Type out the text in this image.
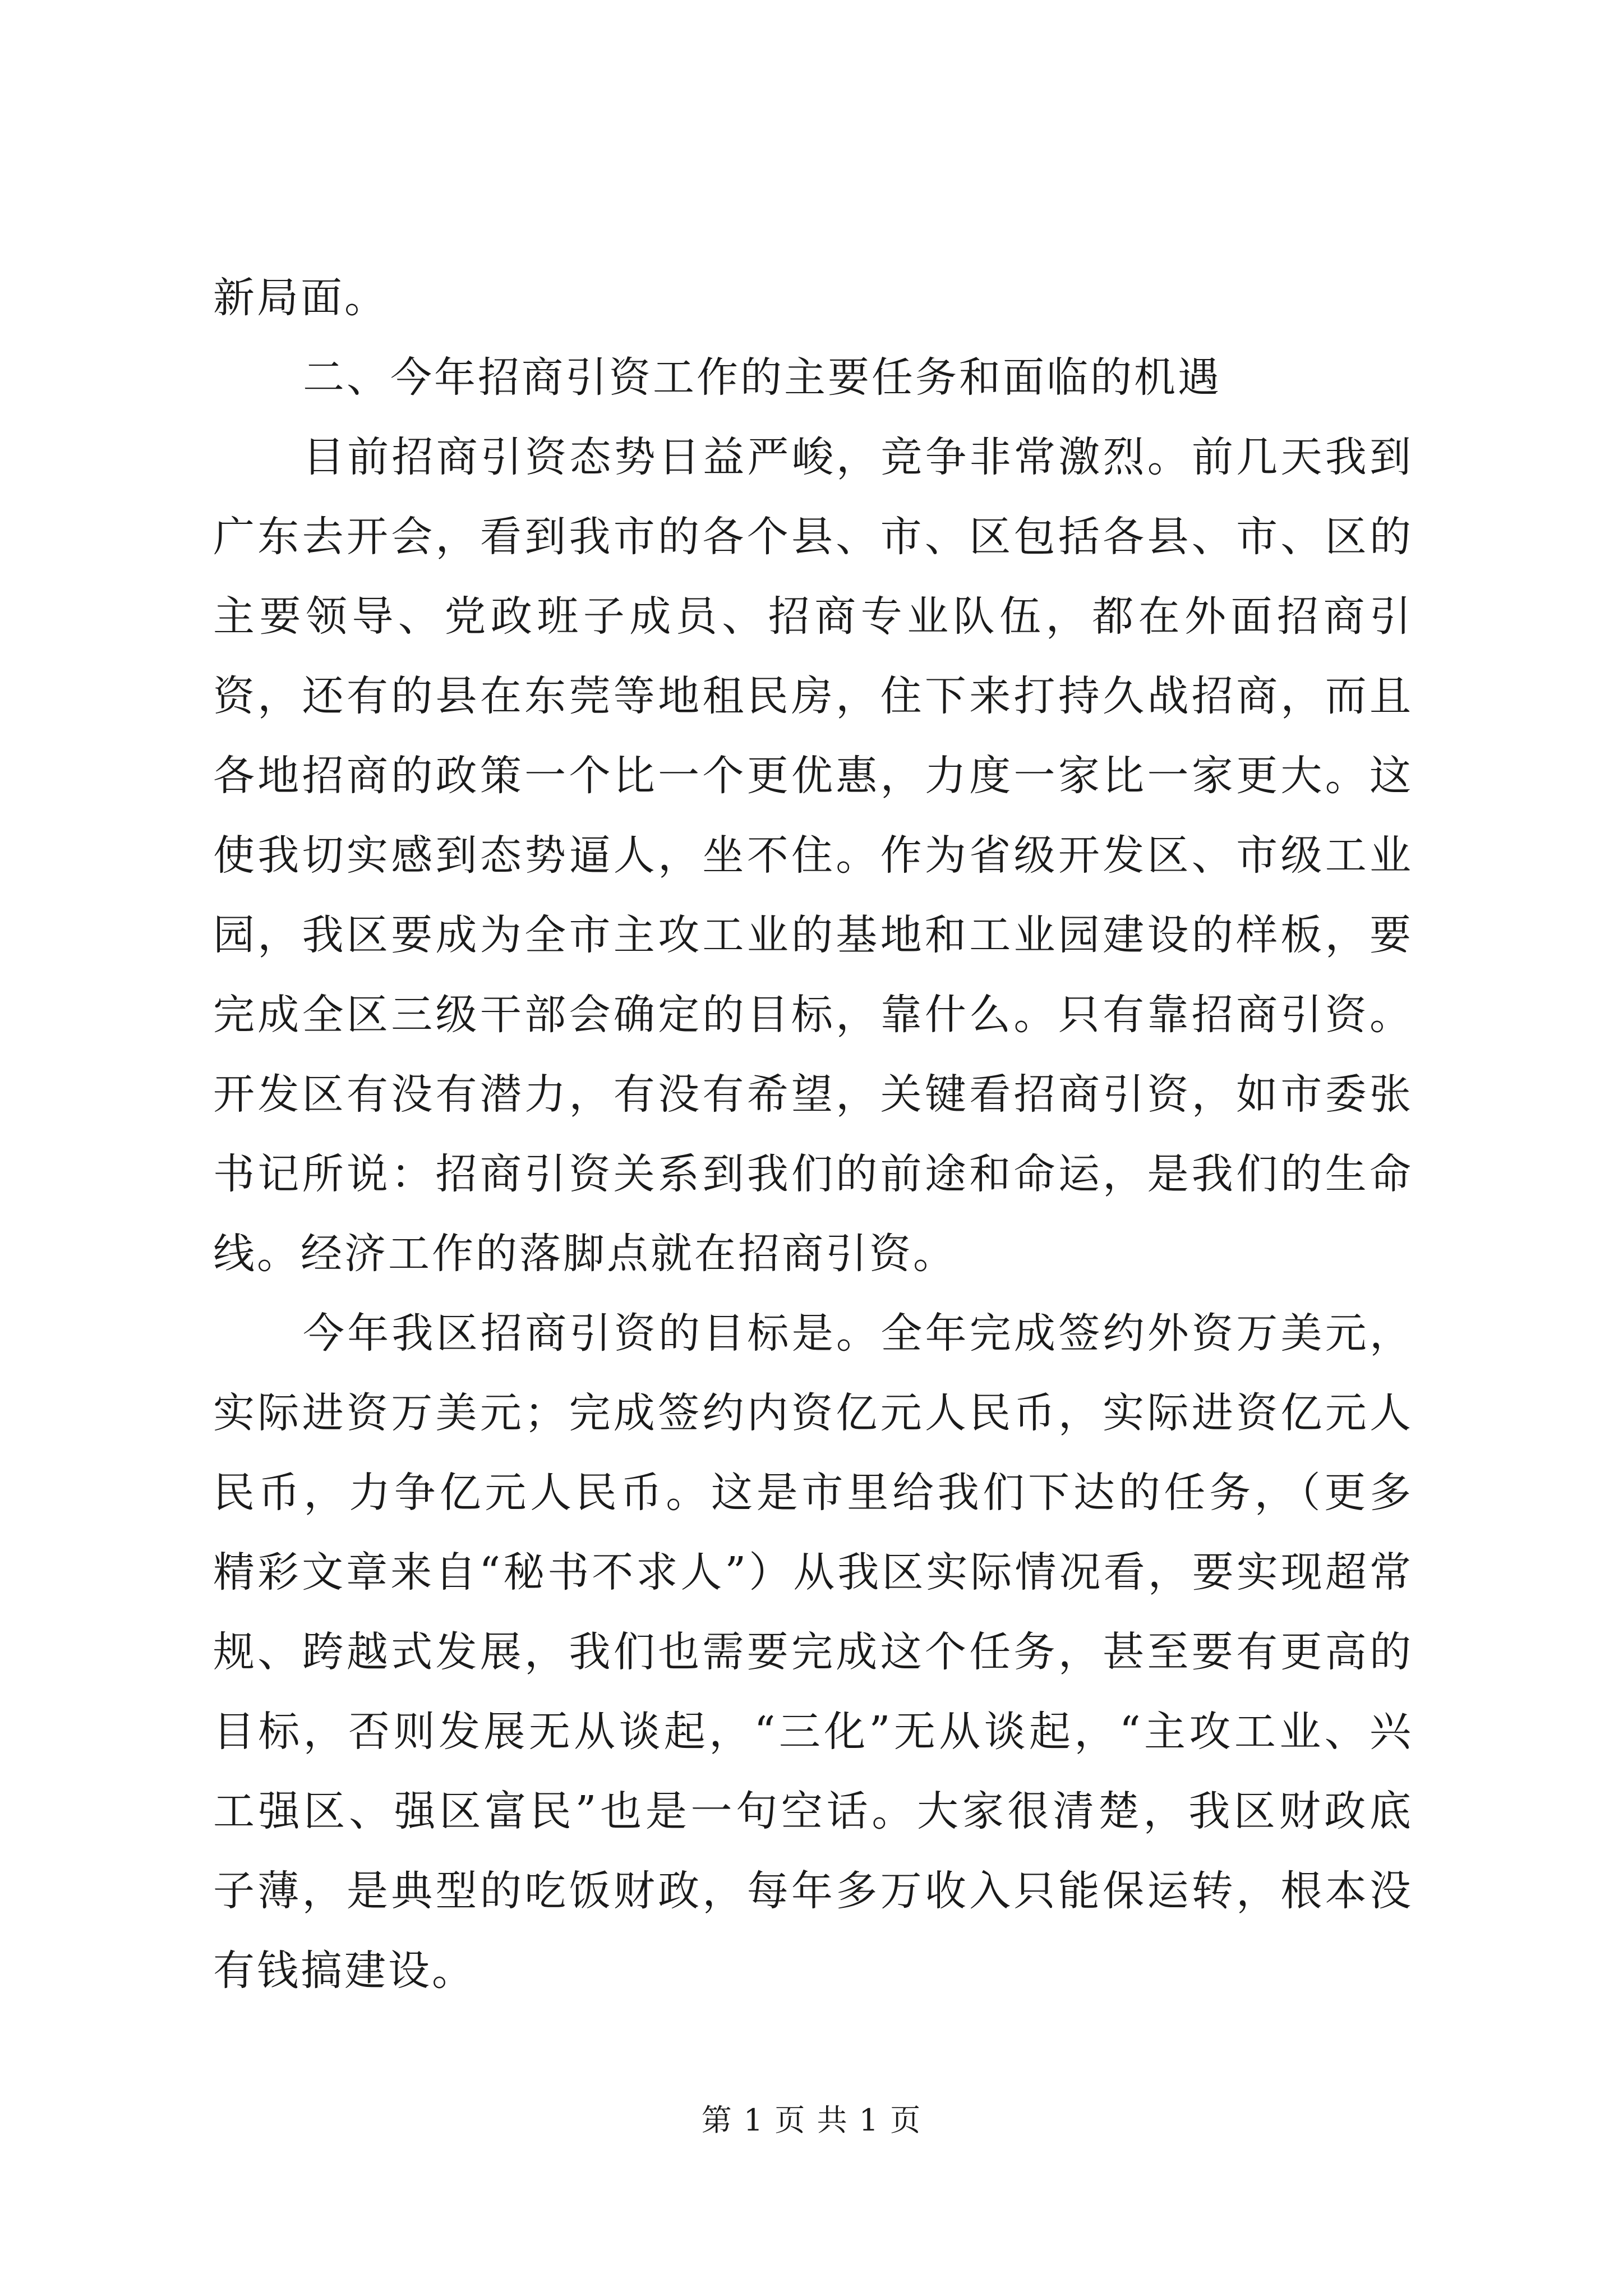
新局面。

二、今年招商引资工作的主要任务和面临的机遇

目前招商引资态势日益严峻，竞争非常激烈。前几天我到广东去开会，看到我市的各个县、市、区包括各县、市、区的主要领导、党政班子成员、招商专业队伍，都在外面招商引资，还有的县在东莞等地租民房，住下来打持久战招商，而且各地招商的政策一个比一个更优惠，力度一家比一家更大。这使我切实感到态势逼人，坐不住。作为省级开发区、市级工业园，我区要成为全市主攻工业的基地和工业园建设的样板，要完成全区三级干部会确定的目标，靠什么。只有靠招商引资。开发区有没有潜力，有没有希望，关键看招商引资，如市委张书记所说：招商引资关系到我们的前途和命运，是我们的生命线。经济工作的落脚点就在招商引资。

今年我区招商引资的目标是。全年完成签约外资万美元，实际进资万美元；完成签约内资亿元人民币，实际进资亿元人民币，力争亿元人民币。这是市里给我们下达的任务，（更多精彩文章来自“秘书不求人”）从我区实际情况看，要实现超常规、跨越式发展，我们也需要完成这个任务，甚至要有更高的目标，否则发展无从谈起，“三化”无从谈起，“主攻工业、兴工强区、强区富民”也是一句空话。大家很清楚，我区财政底子薄，是典型的吃饭财政，每年多万收入只能保运转，根本没有钱搞建设。

第 1 页 共 1 页
